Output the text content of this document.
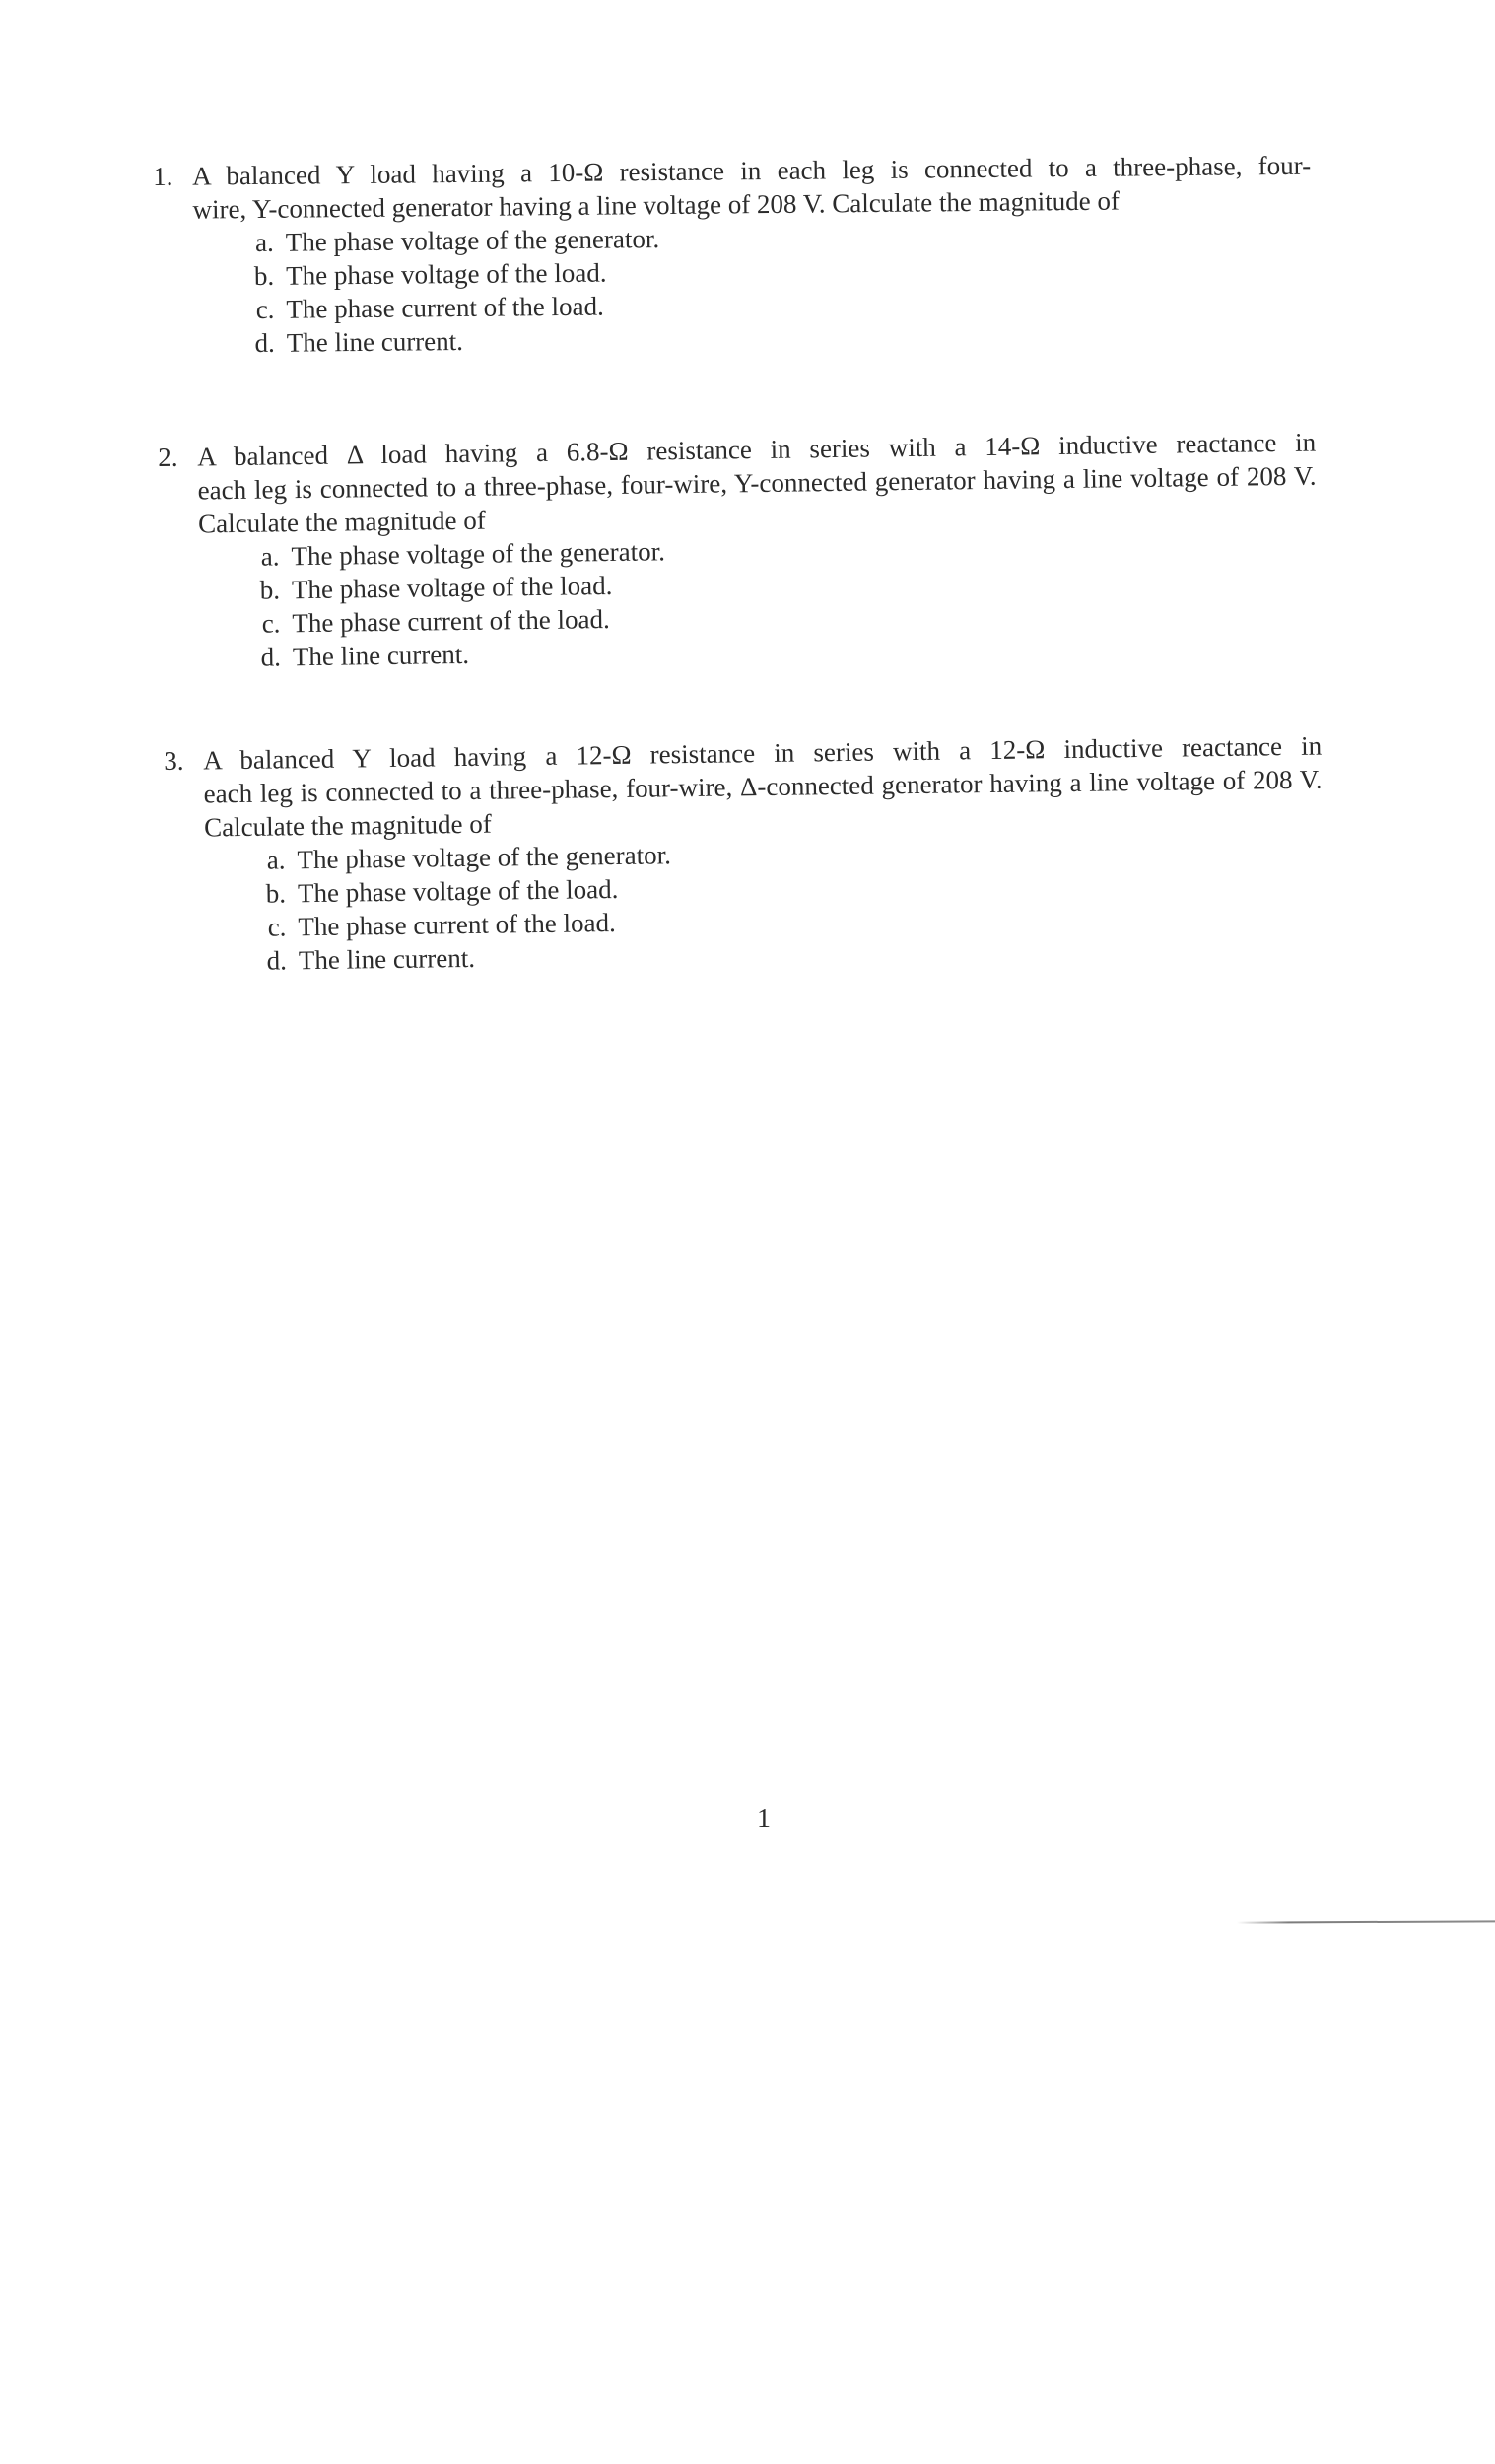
1. A balanced Y load having a 10-Ω resistance in each leg is connected to a three-phase, four-
wire, Y-connected generator having a line voltage of 208 V. Calculate the magnitude of
a. The phase voltage of the generator.
b. The phase voltage of the load.
c. The phase current of the load.
d. The line current.
2. A balanced Δ load having a 6.8-Ω resistance in series with a 14-Ω inductive reactance in
each leg is connected to a three-phase, four-wire, Y-connected generator having a line voltage of 208 V. Calculate the magnitude of
a. The phase voltage of the generator.
b. The phase voltage of the load.
c. The phase current of the load.
d. The line current.
3. A balanced Y load having a 12-Ω resistance in series with a 12-Ω inductive reactance in
each leg is connected to a three-phase, four-wire, Δ-connected generator having a line voltage of 208 V. Calculate the magnitude of
a. The phase voltage of the generator.
b. The phase voltage of the load.
c. The phase current of the load.
d. The line current.
1
